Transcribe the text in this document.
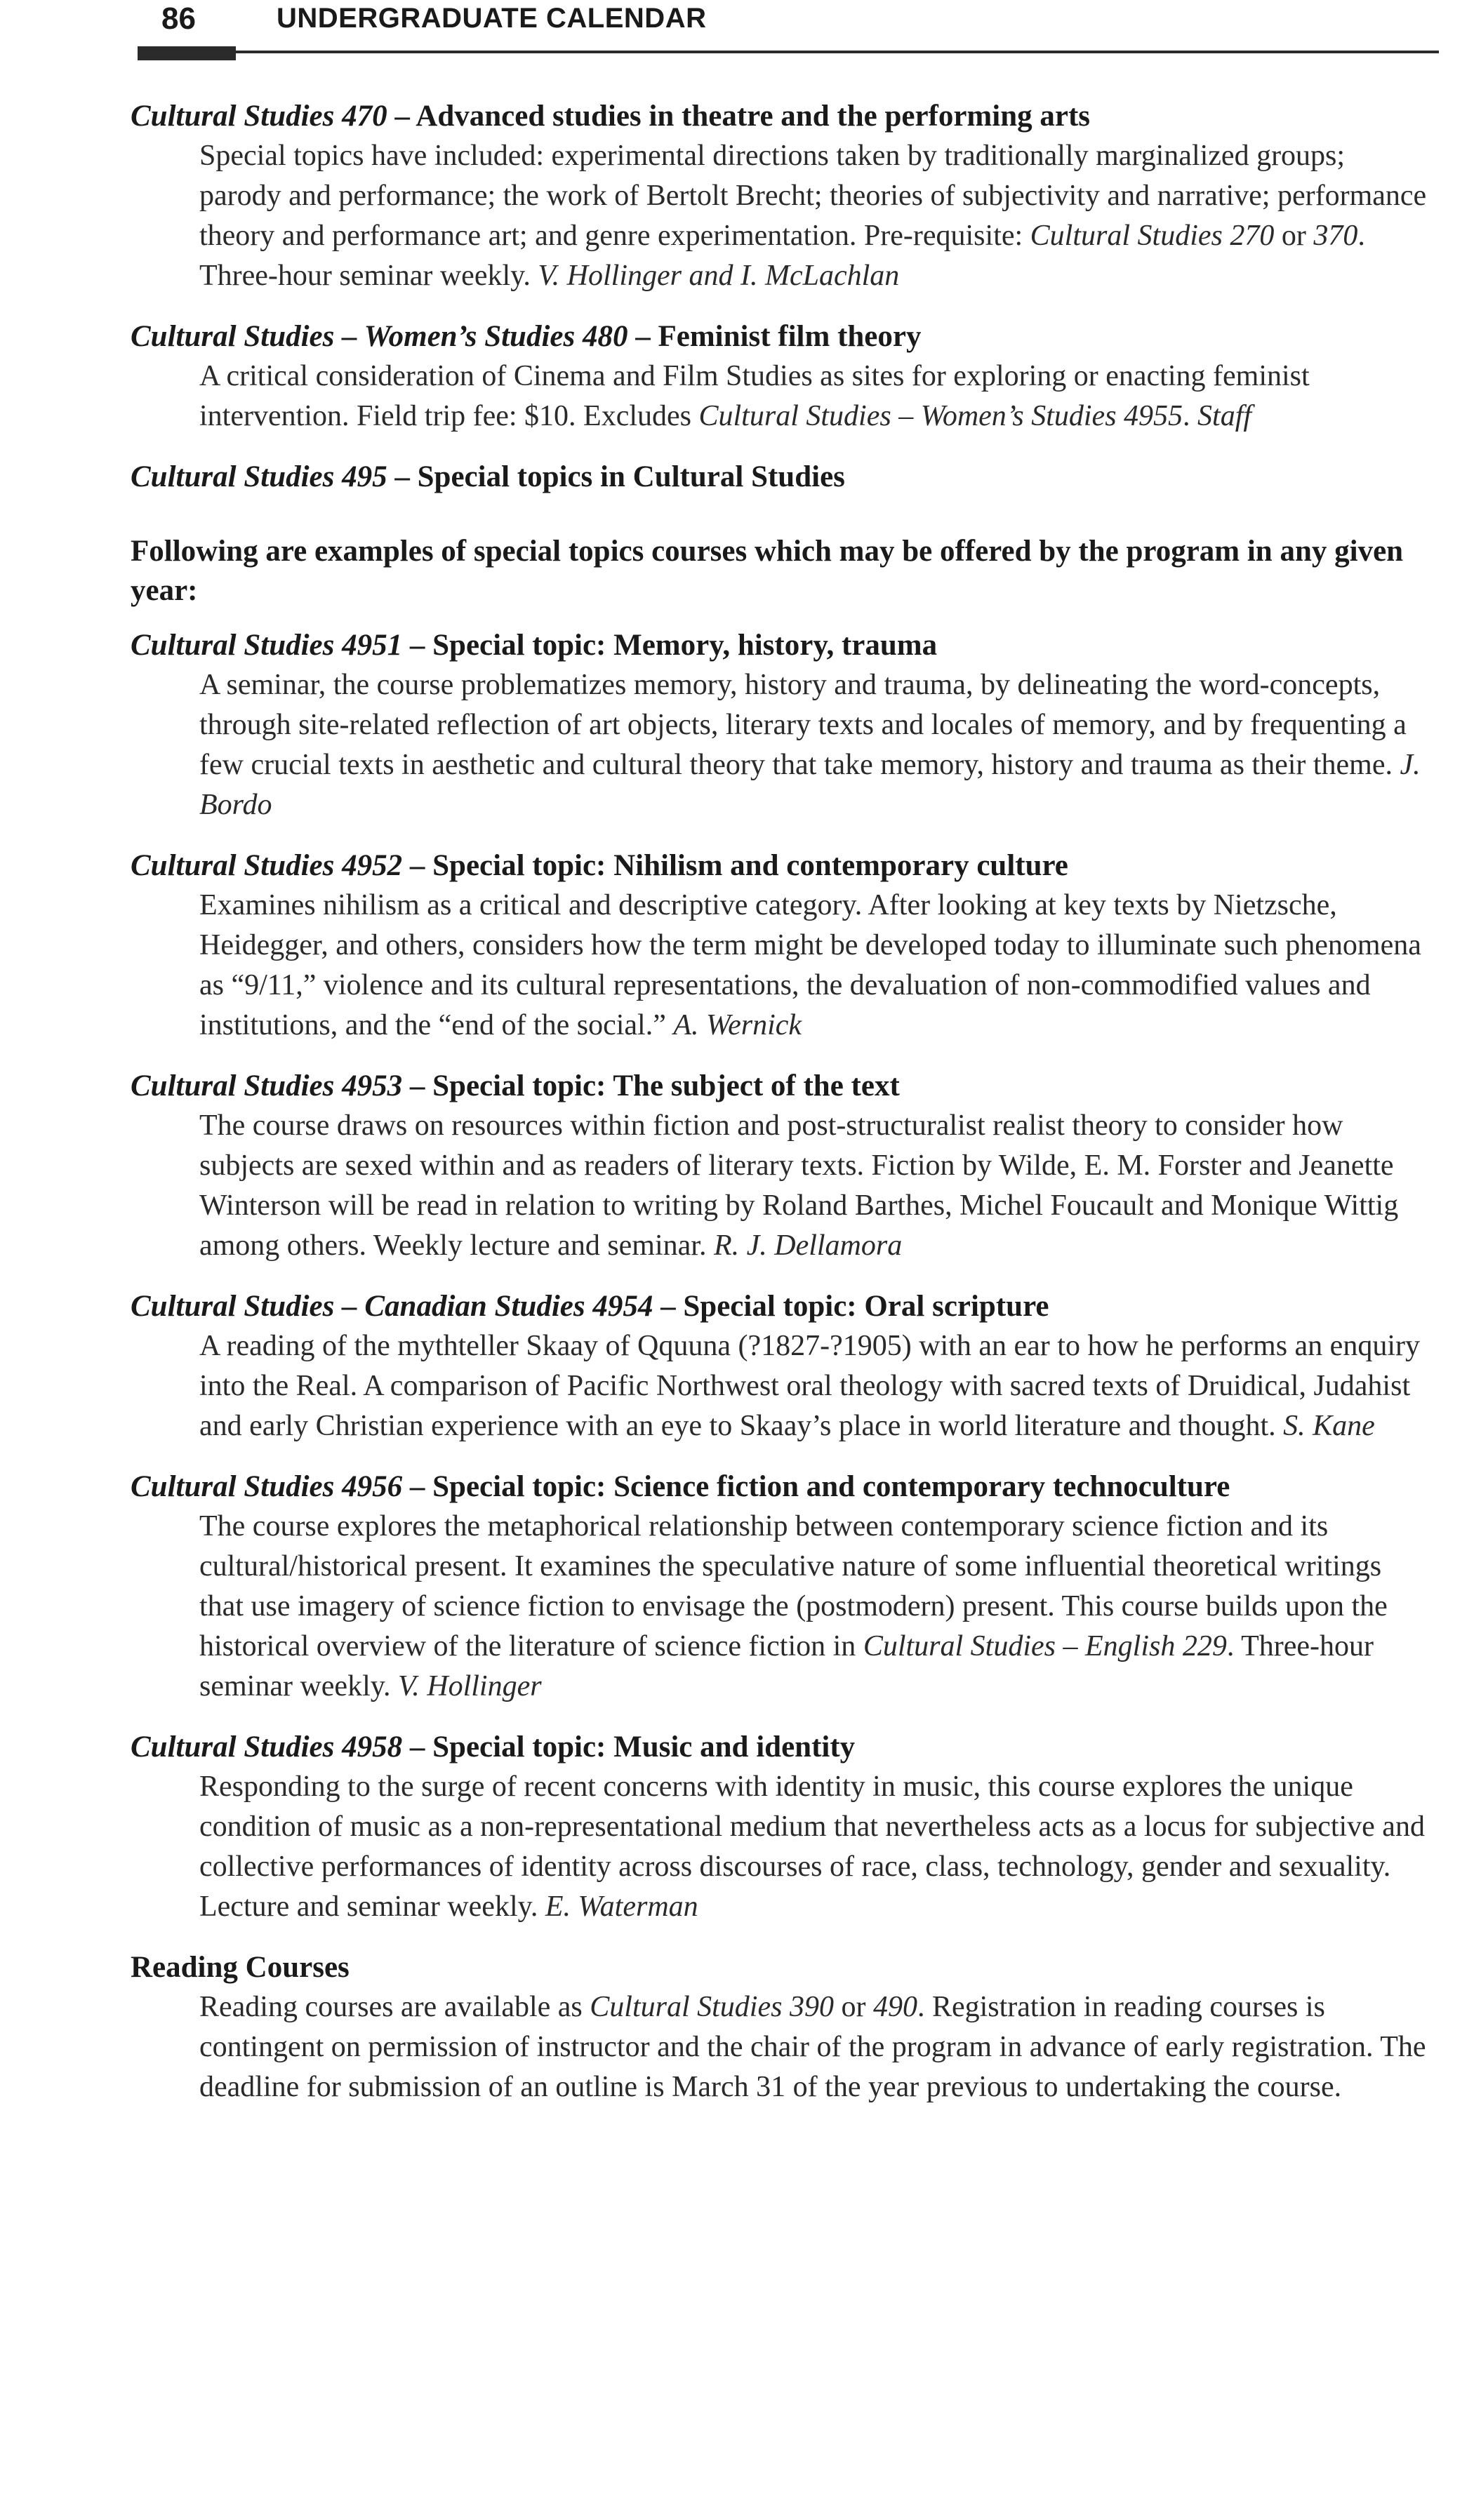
86	UNDERGRADUATE CALENDAR
Cultural Studies 470 – Advanced studies in theatre and the performing arts
Special topics have included: experimental directions taken by traditionally marginalized groups; parody and performance; the work of Bertolt Brecht; theories of subjectivity and narrative; performance theory and performance art; and genre experimentation. Pre-requisite: Cultural Studies 270 or 370. Three-hour seminar weekly. V. Hollinger and I. McLachlan
Cultural Studies – Women’s Studies 480 – Feminist film theory
A critical consideration of Cinema and Film Studies as sites for exploring or enacting feminist intervention. Field trip fee: $10. Excludes Cultural Studies – Women’s Studies 4955. Staff
Cultural Studies 495 – Special topics in Cultural Studies
Following are examples of special topics courses which may be offered by the program in any given year:
Cultural Studies 4951 – Special topic: Memory, history, trauma
A seminar, the course problematizes memory, history and trauma, by delineating the word-concepts, through site-related reflection of art objects, literary texts and locales of memory, and by frequenting a few crucial texts in aesthetic and cultural theory that take memory, history and trauma as their theme. J. Bordo
Cultural Studies 4952 – Special topic: Nihilism and contemporary culture
Examines nihilism as a critical and descriptive category. After looking at key texts by Nietzsche, Heidegger, and others, considers how the term might be developed today to illuminate such phenomena as “9/11,” violence and its cultural representations, the devaluation of non-commodified values and institutions, and the “end of the social.” A. Wernick
Cultural Studies 4953 – Special topic: The subject of the text
The course draws on resources within fiction and post-structuralist realist theory to consider how subjects are sexed within and as readers of literary texts. Fiction by Wilde, E. M. Forster and Jeanette Winterson will be read in relation to writing by Roland Barthes, Michel Foucault and Monique Wittig among others. Weekly lecture and seminar. R. J. Dellamora
Cultural Studies – Canadian Studies 4954 – Special topic: Oral scripture
A reading of the mythteller Skaay of Qquuna (?1827-?1905) with an ear to how he performs an enquiry into the Real. A comparison of Pacific Northwest oral theology with sacred texts of Druidical, Judahist and early Christian experience with an eye to Skaay’s place in world literature and thought. S. Kane
Cultural Studies 4956 – Special topic: Science fiction and contemporary technoculture
The course explores the metaphorical relationship between contemporary science fiction and its cultural/historical present. It examines the speculative nature of some influential theoretical writings that use imagery of science fiction to envisage the (postmodern) present. This course builds upon the historical overview of the literature of science fiction in Cultural Studies – English 229. Three-hour seminar weekly. V. Hollinger
Cultural Studies 4958 – Special topic: Music and identity
Responding to the surge of recent concerns with identity in music, this course explores the unique condition of music as a non-representational medium that nevertheless acts as a locus for subjective and collective performances of identity across discourses of race, class, technology, gender and sexuality. Lecture and seminar weekly. E. Waterman
Reading Courses
Reading courses are available as Cultural Studies 390 or 490. Registration in reading courses is contingent on permission of instructor and the chair of the program in advance of early registration. The deadline for submission of an outline is March 31 of the year previous to undertaking the course.
